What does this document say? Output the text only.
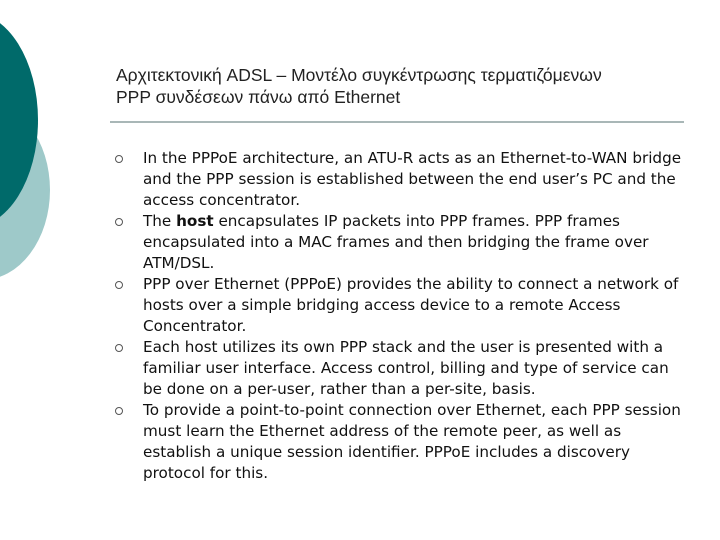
Αρχιτεκτονική ADSL – Μοντέλο συγκέντρωσης τερματιζόμενων
PPP συνδέσεων πάνω από Ethernet
In the PPPoE architecture, an ATU-R acts as an Ethernet-to-WAN bridge and the PPP session is established between the end user’s PC and the access concentrator.
The host encapsulates IP packets into PPP frames. PPP frames encapsulated into a MAC frames and then bridging the frame over ATM/DSL.
PPP over Ethernet (PPPoE) provides the ability to connect a network of hosts over a simple bridging access device to a remote Access Concentrator.
Each host utilizes its own PPP stack and the user is presented with a familiar user interface. Access control, billing and type of service can be done on a per-user, rather than a per-site, basis.
To provide a point-to-point connection over Ethernet, each PPP session must learn the Ethernet address of the remote peer, as well as establish a unique session identifier. PPPoE includes a discovery protocol for this.
